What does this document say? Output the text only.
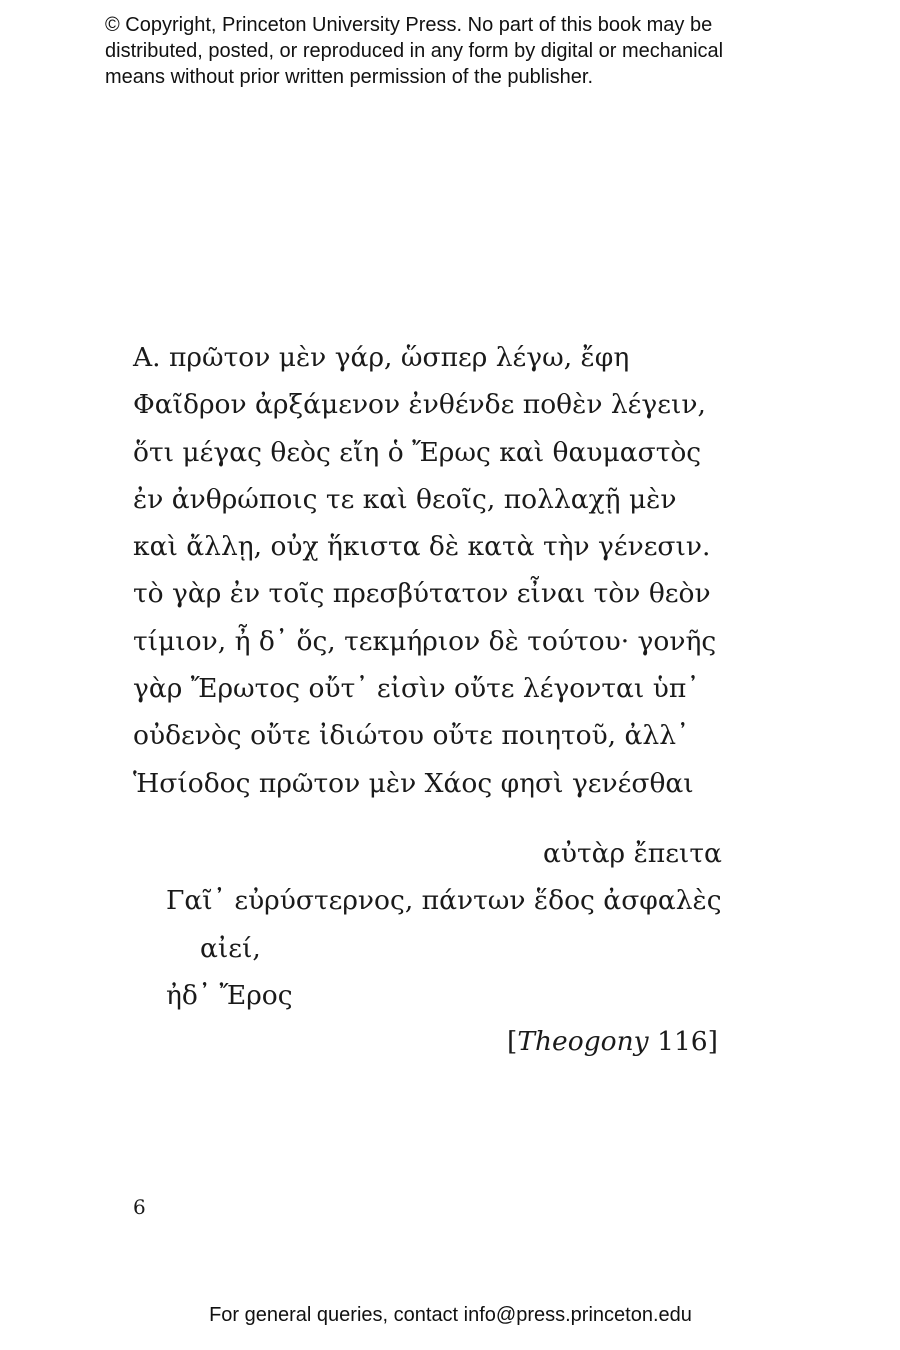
© Copyright, Princeton University Press. No part of this book may be
distributed, posted, or reproduced in any form by digital or mechanical
means without prior written permission of the publisher.
A. πρῶτον μὲν γάρ, ὥσπερ λέγω, ἔφη
Φαῖδρον ἀρξάμενον ἐνθένδε ποθὲν λέγειν,
ὅτι μέγας θεὸς εἴη ὁ Ἔρως καὶ θαυμαστὸς
ἐν ἀνθρώποις τε καὶ θεοῖς, πολλαχῇ μὲν
καὶ ἄλλῃ, οὐχ ἥκιστα δὲ κατὰ τὴν γένεσιν.
τὸ γὰρ ἐν τοῖς πρεσβύτατον εἶναι τὸν θεὸν
τίμιον, ἦ δ᾽ ὅς, τεκμήριον δὲ τούτου· γονῆς
γὰρ Ἔρωτος οὔτ᾽ εἰσὶν οὔτε λέγονται ὑπ᾽
οὐδενὸς οὔτε ἰδιώτου οὔτε ποιητοῦ, ἀλλ᾽
Ἡσίοδος πρῶτον μὲν Χάος φησὶ γενέσθαι
αὐτὰρ ἔπειτα
Γαῖ᾽ εὐρύστερνος, πάντων ἕδος ἀσφαλὲς
αἰεί,
ἠδ᾽ Ἔρος
[Theogony 116]
6
For general queries, contact info@press.princeton.edu
